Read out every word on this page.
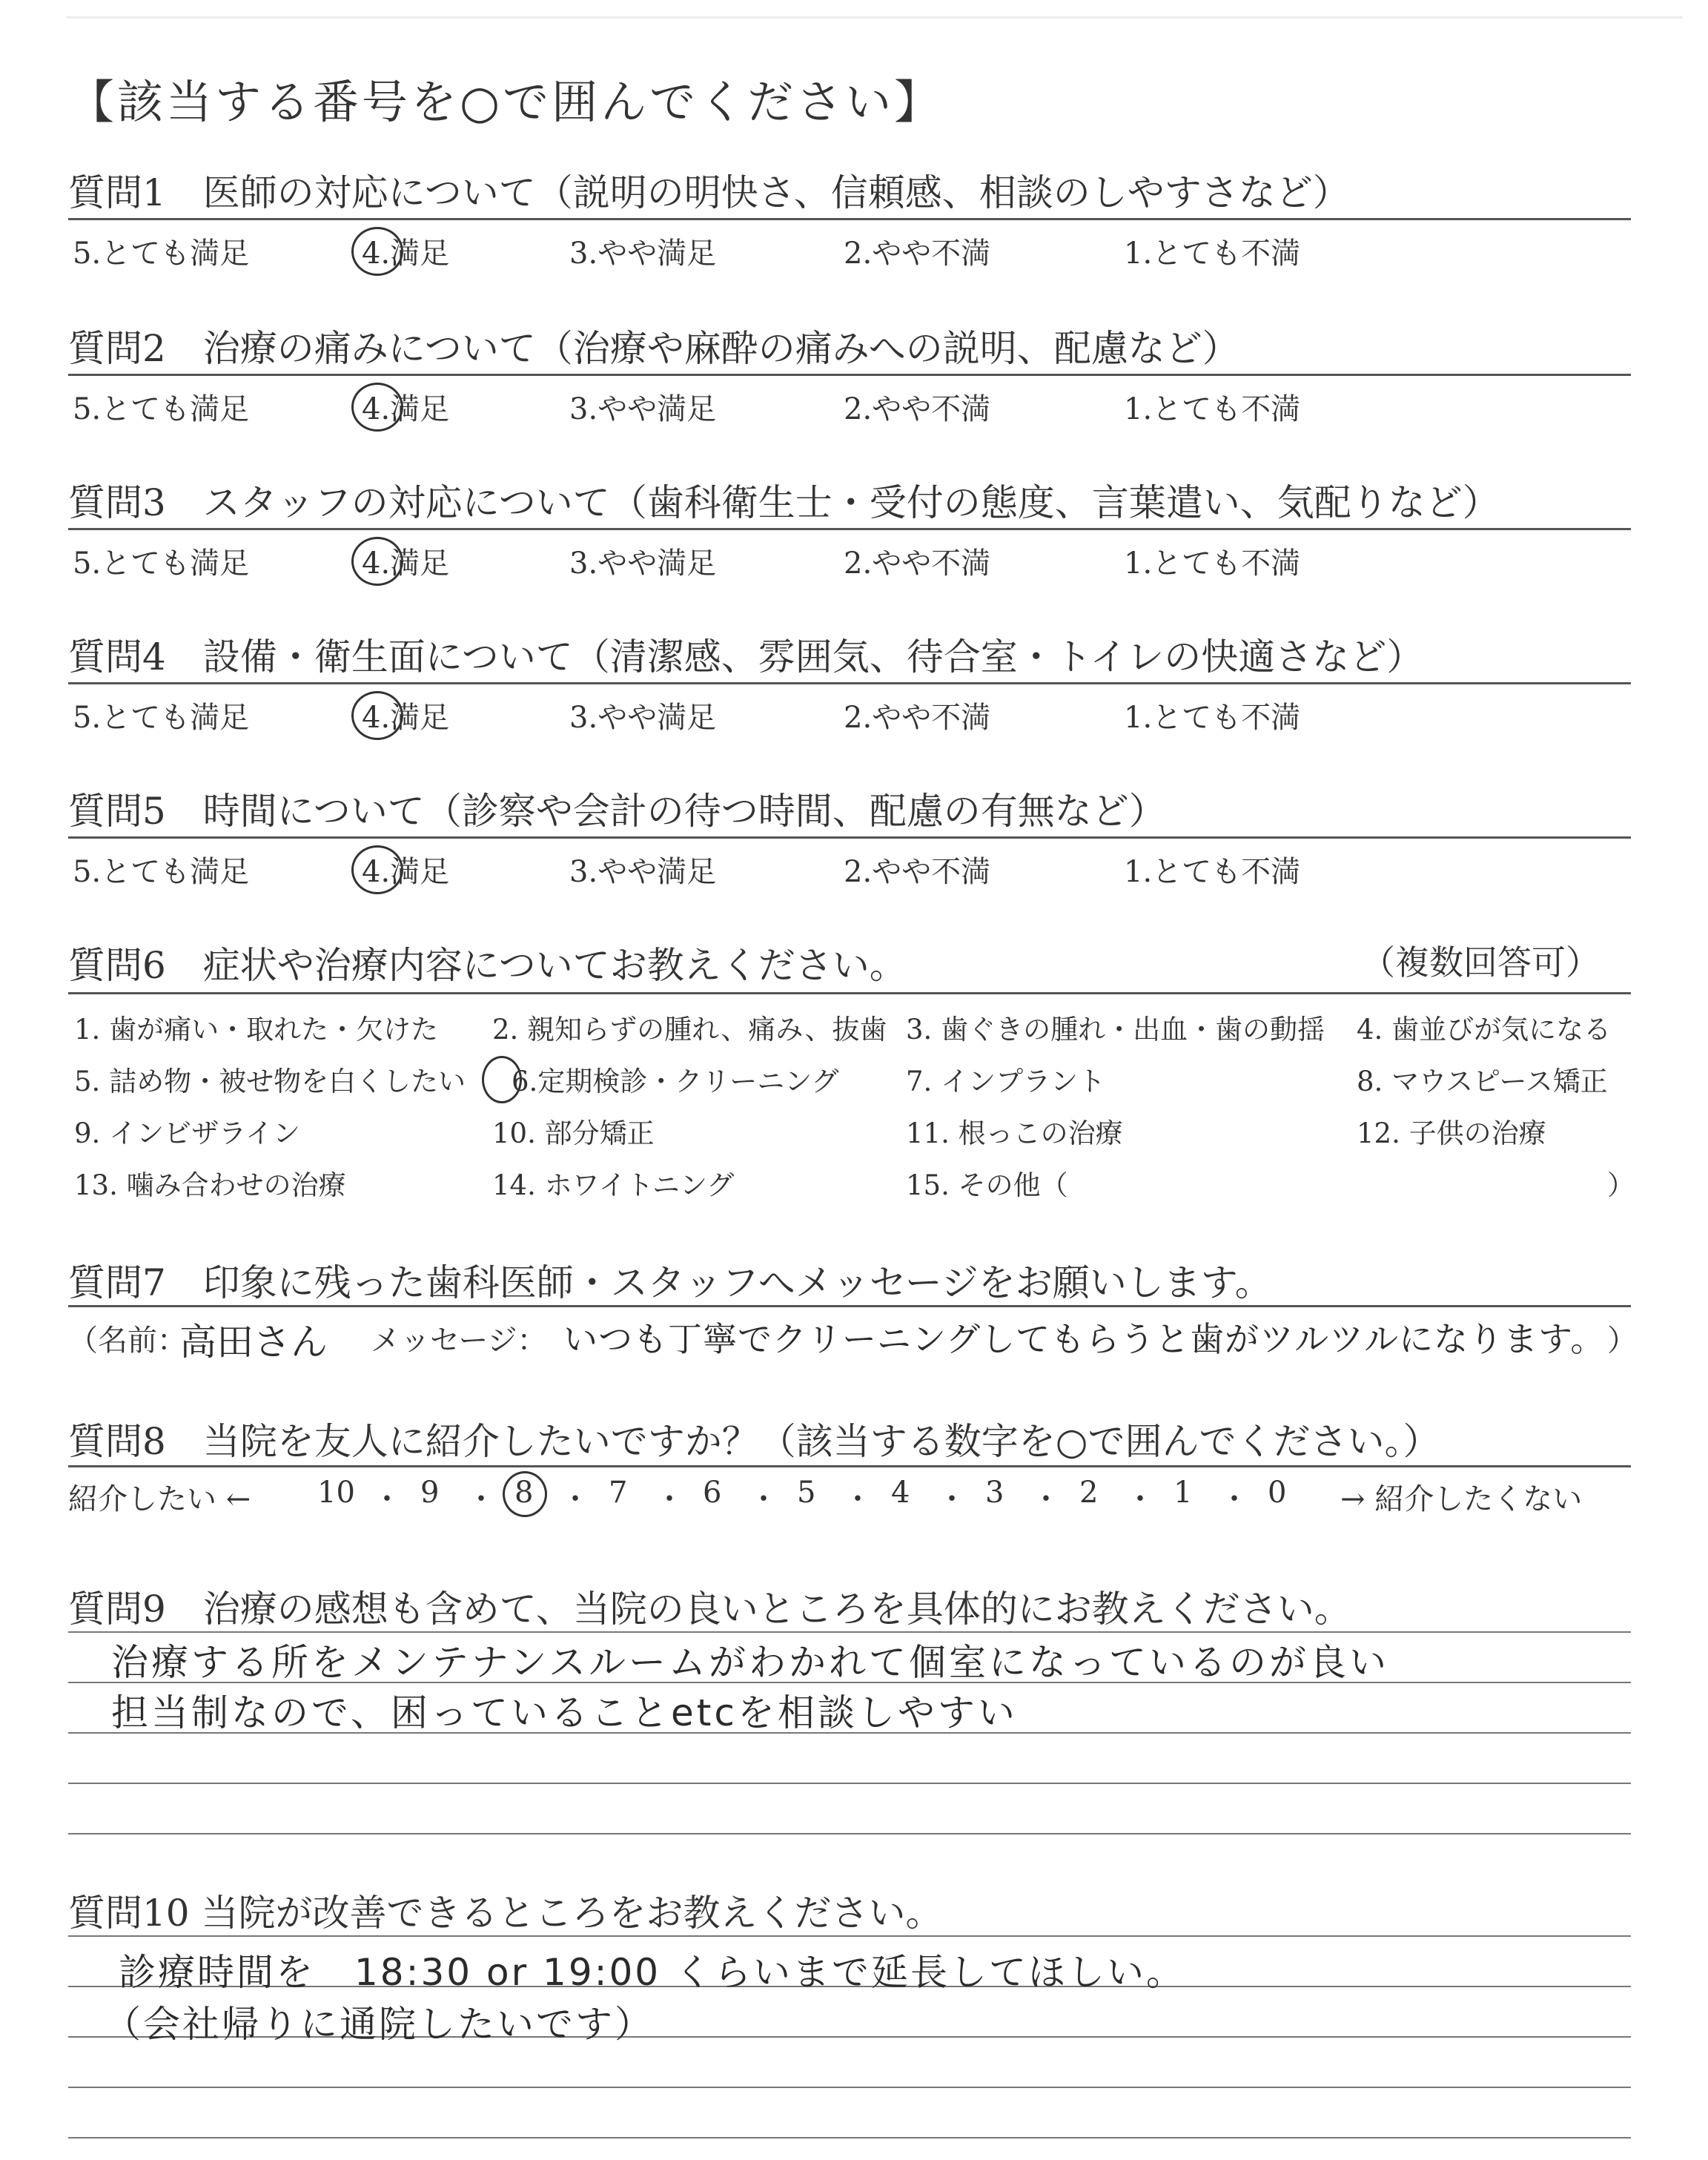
【該当する番号を○で囲んでください】
質問1　医師の対応について（説明の明快さ、信頼感、相談のしやすさなど）
5.とても満足	4.満足	3.やや満足	2.やや不満	1.とても不満
質問2　治療の痛みについて（治療や麻酔の痛みへの説明、配慮など）
5.とても満足	4.満足	3.やや満足	2.やや不満	1.とても不満
質問3　スタッフの対応について（歯科衛生士・受付の態度、言葉遣い、気配りなど）
5.とても満足	4.満足	3.やや満足	2.やや不満	1.とても不満
質問4　設備・衛生面について（清潔感、雰囲気、待合室・トイレの快適さなど）
5.とても満足	4.満足	3.やや満足	2.やや不満	1.とても不満
質問5　時間について（診察や会計の待つ時間、配慮の有無など）
5.とても満足	4.満足	3.やや満足	2.やや不満	1.とても不満
質問6　症状や治療内容についてお教えください。	（複数回答可）
1. 歯が痛い・取れた・欠けた 2. 親知らずの腫れ、痛み、抜歯 3. 歯ぐきの腫れ・出血・歯の動揺 4. 歯並びが気になる
5. 詰め物・被せ物を白くしたい 6.定期検診・クリーニング 7. インプラント	8. マウスピース矯正
9. インビザライン	10. 部分矯正	11. 根っこの治療	12. 子供の治療
13. 噛み合わせの治療	14. ホワイトニング	15. その他（	）
質問7　印象に残った歯科医師・スタッフへメッセージをお願いします。
（名前：
高田さん メッセージ： いつも丁寧でクリーニングしてもらうと歯がツルツルになります。 ）
質問8　当院を友人に紹介したいですか？（該当する数字を○で囲んでください。）
紹介したい ← 10 ・ 9 ・ 8 ・ 7 ・ 6 ・ 5 ・ 4 ・ 3 ・ 2 ・ 1 ・ 0 → 紹介したくない
質問9　治療の感想も含めて、当院の良いところを具体的にお教えください。
治療する所をメンテナンスルームがわかれて個室になっているのが良い
担当制なので、困っていることetcを相談しやすい
質問10 当院が改善できるところをお教えください。
診療時間を　18:30 or 19:00 くらいまで延長してほしい。
（会社帰りに通院したいです）
